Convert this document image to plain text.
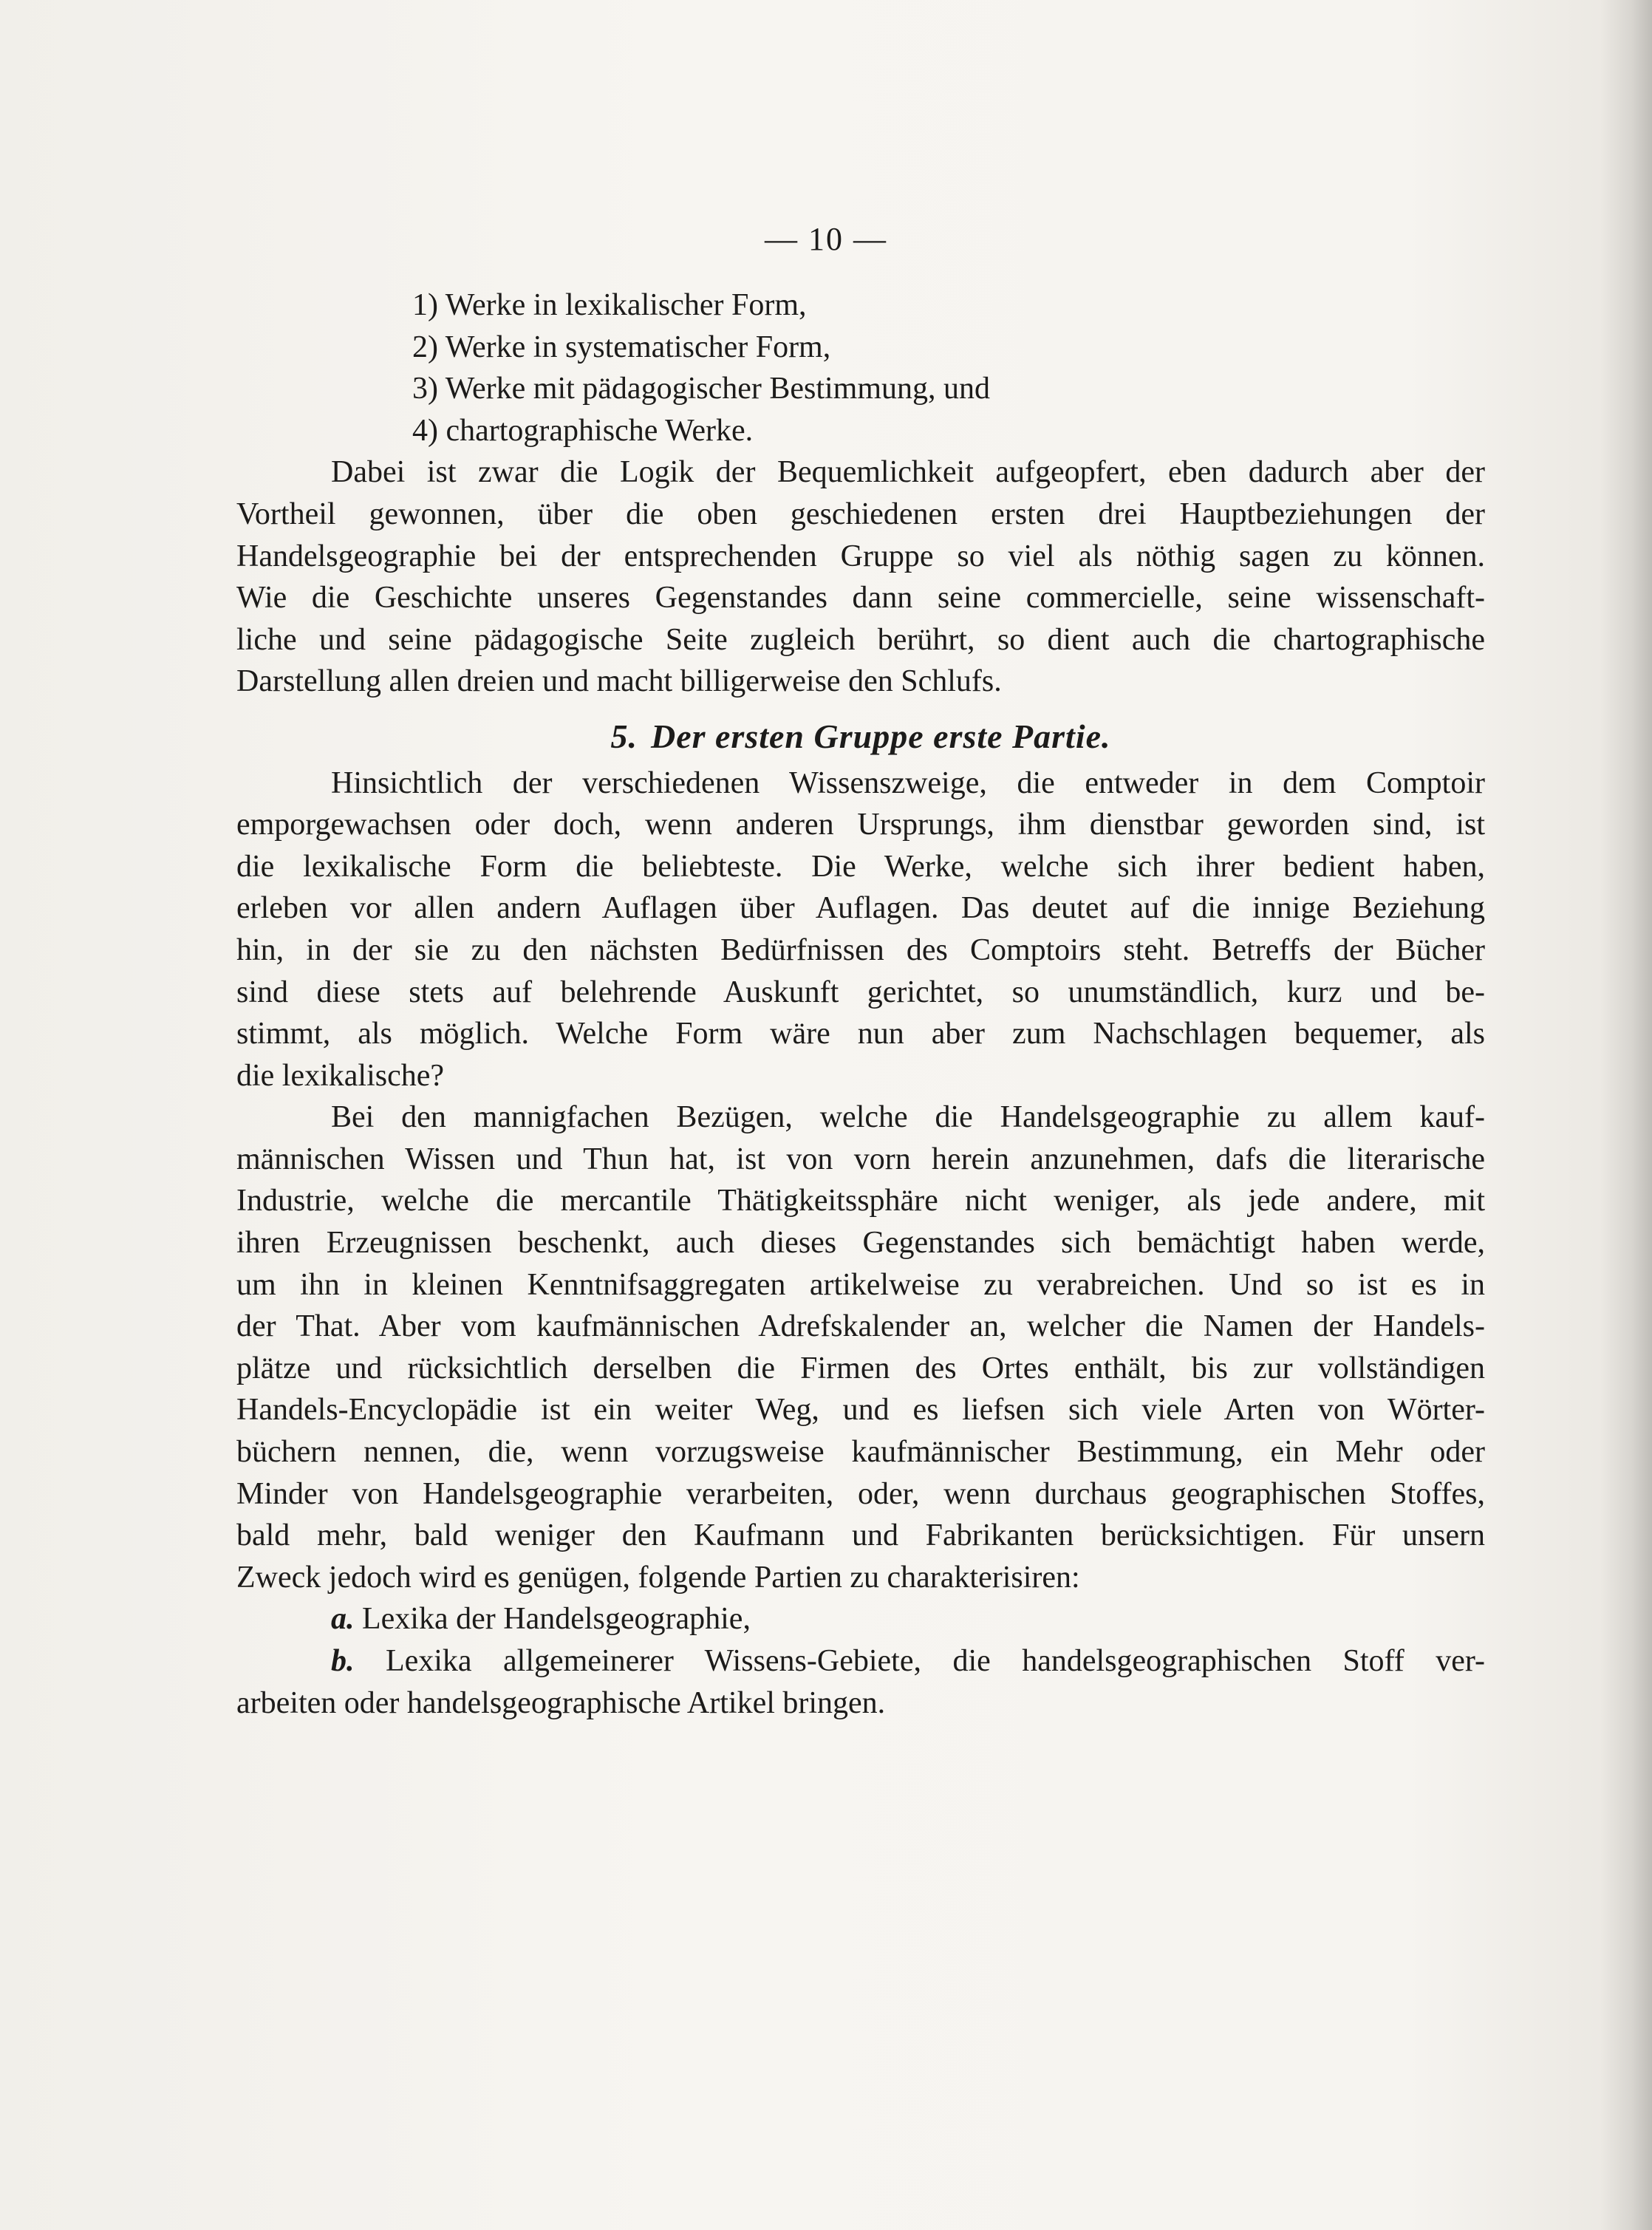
— 10 —
1) Werke in lexikalischer Form,
2) Werke in systematischer Form,
3) Werke mit pädagogischer Bestimmung, und
4) chartographische Werke.
Dabei ist zwar die Logik der Bequemlichkeit aufgeopfert, eben dadurch aber der
Vortheil gewonnen, über die oben geschiedenen ersten drei Hauptbeziehungen der
Handelsgeographie bei der entsprechenden Gruppe so viel als nöthig sagen zu können.
Wie die Geschichte unseres Gegenstandes dann seine commercielle, seine wissenschaft-
liche und seine pädagogische Seite zugleich berührt, so dient auch die chartographische
Darstellung allen dreien und macht billigerweise den Schlufs.
5. Der ersten Gruppe erste Partie.
Hinsichtlich der verschiedenen Wissenszweige, die entweder in dem Comptoir
emporgewachsen oder doch, wenn anderen Ursprungs, ihm dienstbar geworden sind, ist
die lexikalische Form die beliebteste. Die Werke, welche sich ihrer bedient haben,
erleben vor allen andern Auflagen über Auflagen. Das deutet auf die innige Beziehung
hin, in der sie zu den nächsten Bedürfnissen des Comptoirs steht. Betreffs der Bücher
sind diese stets auf belehrende Auskunft gerichtet, so unumständlich, kurz und be-
stimmt, als möglich. Welche Form wäre nun aber zum Nachschlagen bequemer, als
die lexikalische?
Bei den mannigfachen Bezügen, welche die Handelsgeographie zu allem kauf-
männischen Wissen und Thun hat, ist von vorn herein anzunehmen, dafs die literarische
Industrie, welche die mercantile Thätigkeitssphäre nicht weniger, als jede andere, mit
ihren Erzeugnissen beschenkt, auch dieses Gegenstandes sich bemächtigt haben werde,
um ihn in kleinen Kenntnifsaggregaten artikelweise zu verabreichen. Und so ist es in
der That. Aber vom kaufmännischen Adrefskalender an, welcher die Namen der Handels-
plätze und rücksichtlich derselben die Firmen des Ortes enthält, bis zur vollständigen
Handels-Encyclopädie ist ein weiter Weg, und es liefsen sich viele Arten von Wörter-
büchern nennen, die, wenn vorzugsweise kaufmännischer Bestimmung, ein Mehr oder
Minder von Handelsgeographie verarbeiten, oder, wenn durchaus geographischen Stoffes,
bald mehr, bald weniger den Kaufmann und Fabrikanten berücksichtigen. Für unsern
Zweck jedoch wird es genügen, folgende Partien zu charakterisiren:
a. Lexika der Handelsgeographie,
b. Lexika allgemeinerer Wissens-Gebiete, die handelsgeographischen Stoff ver-
arbeiten oder handelsgeographische Artikel bringen.
